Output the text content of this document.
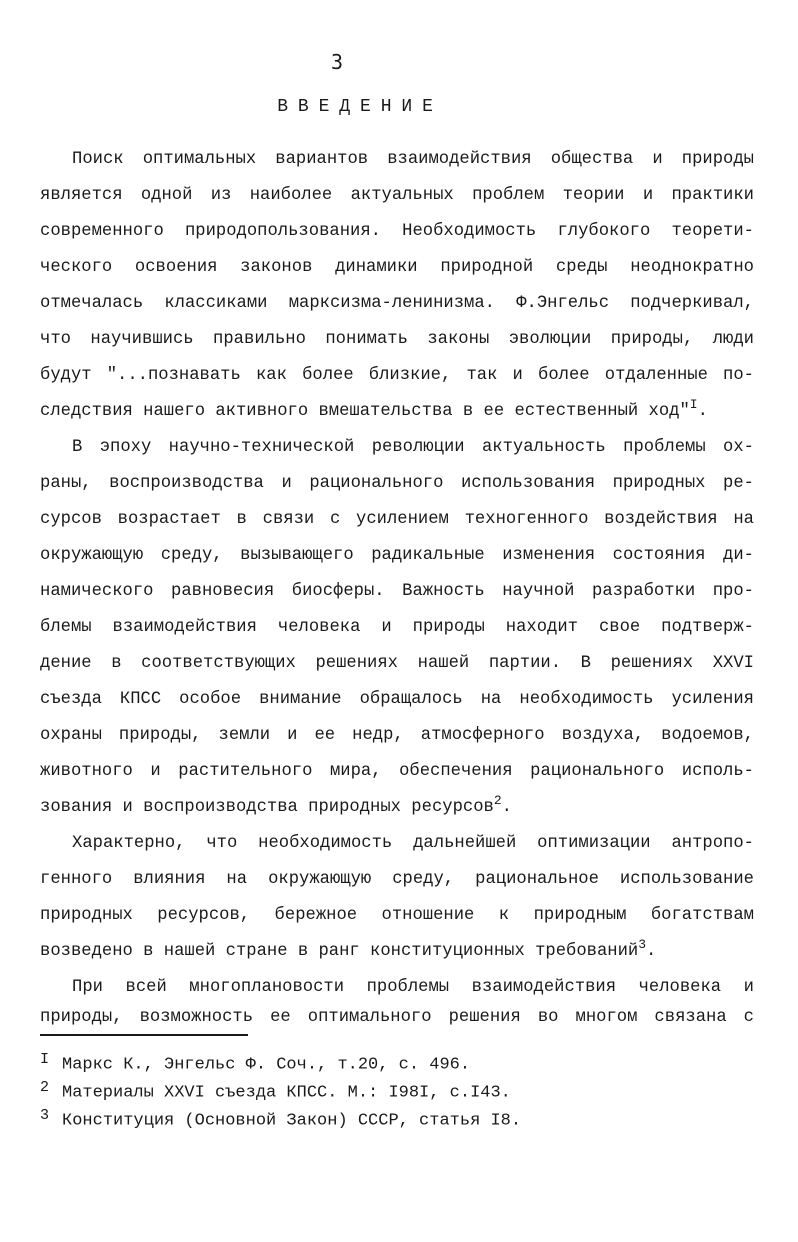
3
ВВЕДЕНИЕ
Поиск оптимальных вариантов взаимодействия общества и природы
является одной из наиболее актуальных проблем теории и практики
современного природопользования. Необходимость глубокого теорети-
ческого освоения законов динамики природной среды неоднократно
отмечалась классиками марксизма-ленинизма. Ф.Энгельс подчеркивал,
что научившись правильно понимать законы эволюции природы, люди
будут "...познавать как более близкие, так и более отдаленные по-
следствия нашего активного вмешательства в ее естественный ход"$^I$.
В эпоху научно-технической революции актуальность проблемы ох-
раны, воспроизводства и рационального использования природных ре-
сурсов возрастает в связи с усилением техногенного воздействия на
окружающую среду, вызывающего радикальные изменения состояния ди-
намического равновесия биосферы. Важность научной разработки про-
блемы взаимодействия человека и природы находит свое подтверж-
дение в соответствующих решениях нашей партии. В решениях XXVI
съезда КПСС особое внимание обращалось на необходимость усиления
охраны природы, земли и ее недр, атмосферного воздуха, водоемов,
животного и растительного мира, обеспечения рационального исполь-
зования и воспроизводства природных ресурсов$^2$.
Характерно, что необходимость дальнейшей оптимизации антропо-
генного влияния на окружающую среду, рациональное использование
природных ресурсов, бережное отношение к природным богатствам
возведено в нашей стране в ранг конституционных требований$^3$.
При всей многоплановости проблемы взаимодействия человека и
природы, возможность ее оптимального решения во многом связана с
I Маркс К., Энгельс Ф. Соч., т.20, с. 496.
2 Материалы XXVI съезда КПСС. М.: I98I, с.I43.
3 Конституция (Основной Закон) СССР, статья I8.
